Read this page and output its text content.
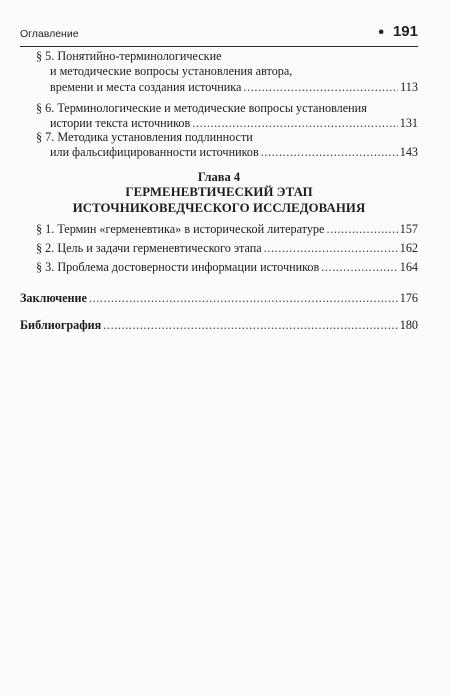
Оглавление	• 191
§ 5. Понятийно-терминологические
и методические вопросы установления автора,
времени и места создания источника .....	113
§ 6. Терминологические и методические вопросы установления
истории текста источников .....	131
§ 7. Методика установления подлинности
или фальсифицированности источников .....	143
Глава 4
ГЕРМЕНЕВТИЧЕСКИЙ ЭТАП
ИСТОЧНИКОВЕДЧЕСКОГО ИССЛЕДОВАНИЯ
§ 1. Термин «герменевтика» в исторической литературе .....	157
§ 2. Цель и задачи герменевтического этапа .....	162
§ 3. Проблема достоверности информации источников .....	164
Заключение .....	176
Библиография .....	180
